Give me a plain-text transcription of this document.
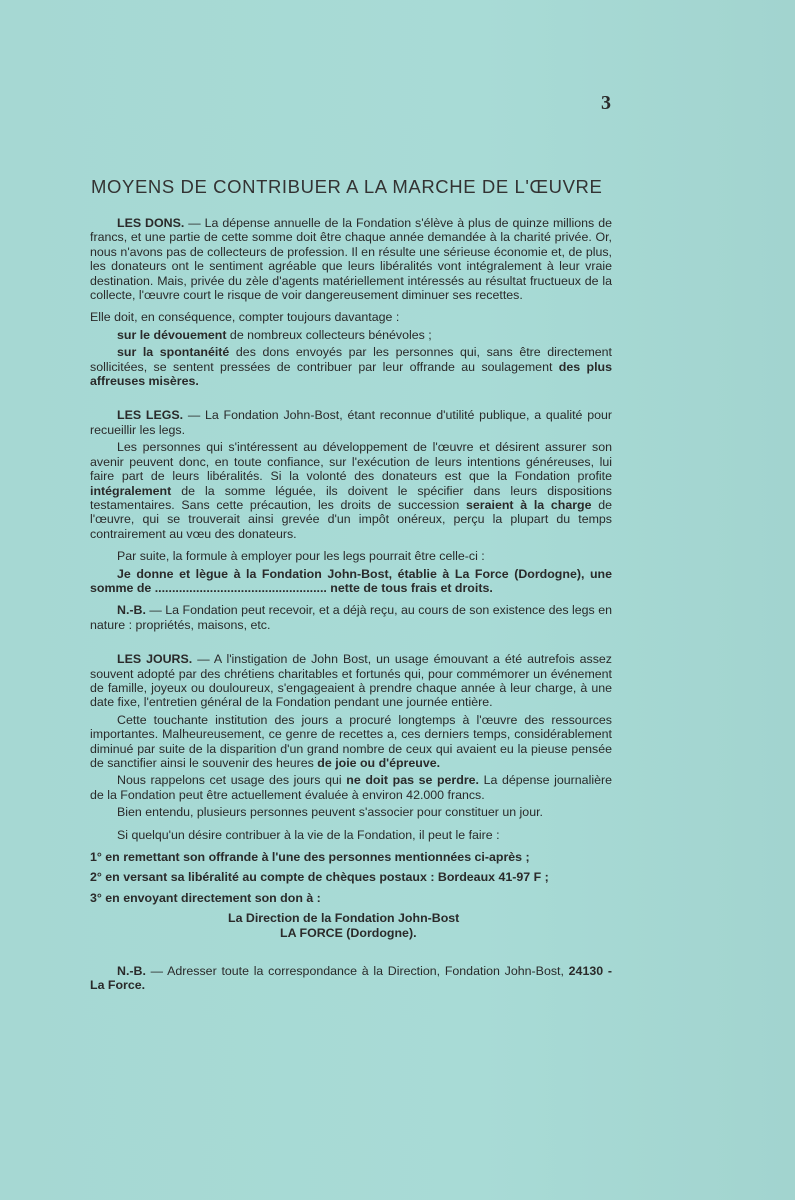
3
MOYENS DE CONTRIBUER A LA MARCHE DE L'ŒUVRE

LES DONS. — La dépense annuelle de la Fondation s'élève à plus de quinze millions de francs, et une partie de cette somme doit être chaque année demandée à la charité privée. Or, nous n'avons pas de collecteurs de profession. Il en résulte une sérieuse économie et, de plus, les donateurs ont le sentiment agréable que leurs libéralités vont intégralement à leur vraie destination. Mais, privée du zèle d'agents matériellement intéressés au résultat fructueux de la collecte, l'œuvre court le risque de voir dangereusement diminuer ses recettes.

Elle doit, en conséquence, compter toujours davantage :

sur le dévouement de nombreux collecteurs bénévoles ;

sur la spontanéité des dons envoyés par les personnes qui, sans être directement sollicitées, se sentent pressées de contribuer par leur offrande au soulagement des plus affreuses misères.

LES LEGS. — La Fondation John-Bost, étant reconnue d'utilité publique, a qualité pour recueillir les legs.

Les personnes qui s'intéressent au développement de l'œuvre et désirent assurer son avenir peuvent donc, en toute confiance, sur l'exécution de leurs intentions généreuses, lui faire part de leurs libéralités. Si la volonté des donateurs est que la Fondation profite intégralement de la somme léguée, ils doivent le spécifier dans leurs dispositions testamentaires. Sans cette précaution, les droits de succession seraient à la charge de l'œuvre, qui se trouverait ainsi grevée d'un impôt onéreux, perçu la plupart du temps contrairement au vœu des donateurs.

Par suite, la formule à employer pour les legs pourrait être celle-ci :

Je donne et lègue à la Fondation John-Bost, établie à La Force (Dordogne), une somme de .................................................. nette de tous frais et droits.

N.-B. — La Fondation peut recevoir, et a déjà reçu, au cours de son existence des legs en nature : propriétés, maisons, etc.

LES JOURS. — A l'instigation de John Bost, un usage émouvant a été autrefois assez souvent adopté par des chrétiens charitables et fortunés qui, pour commémorer un événement de famille, joyeux ou douloureux, s'engageaient à prendre chaque année à leur charge, à une date fixe, l'entretien général de la Fondation pendant une journée entière.

Cette touchante institution des jours a procuré longtemps à l'œuvre des ressources importantes. Malheureusement, ce genre de recettes a, ces derniers temps, considérablement diminué par suite de la disparition d'un grand nombre de ceux qui avaient eu la pieuse pensée de sanctifier ainsi le souvenir des heures de joie ou d'épreuve.

Nous rappelons cet usage des jours qui ne doit pas se perdre. La dépense journalière de la Fondation peut être actuellement évaluée à environ 42.000 francs.

Bien entendu, plusieurs personnes peuvent s'associer pour constituer un jour.

Si quelqu'un désire contribuer à la vie de la Fondation, il peut le faire :

1° en remettant son offrande à l'une des personnes mentionnées ci-après ;

2° en versant sa libéralité au compte de chèques postaux : Bordeaux 41-97 F ;

3° en envoyant directement son don à :

La Direction de la Fondation John-Bost

LA FORCE (Dordogne).

N.-B. — Adresser toute la correspondance à la Direction, Fondation John-Bost, 24130 - La Force.
